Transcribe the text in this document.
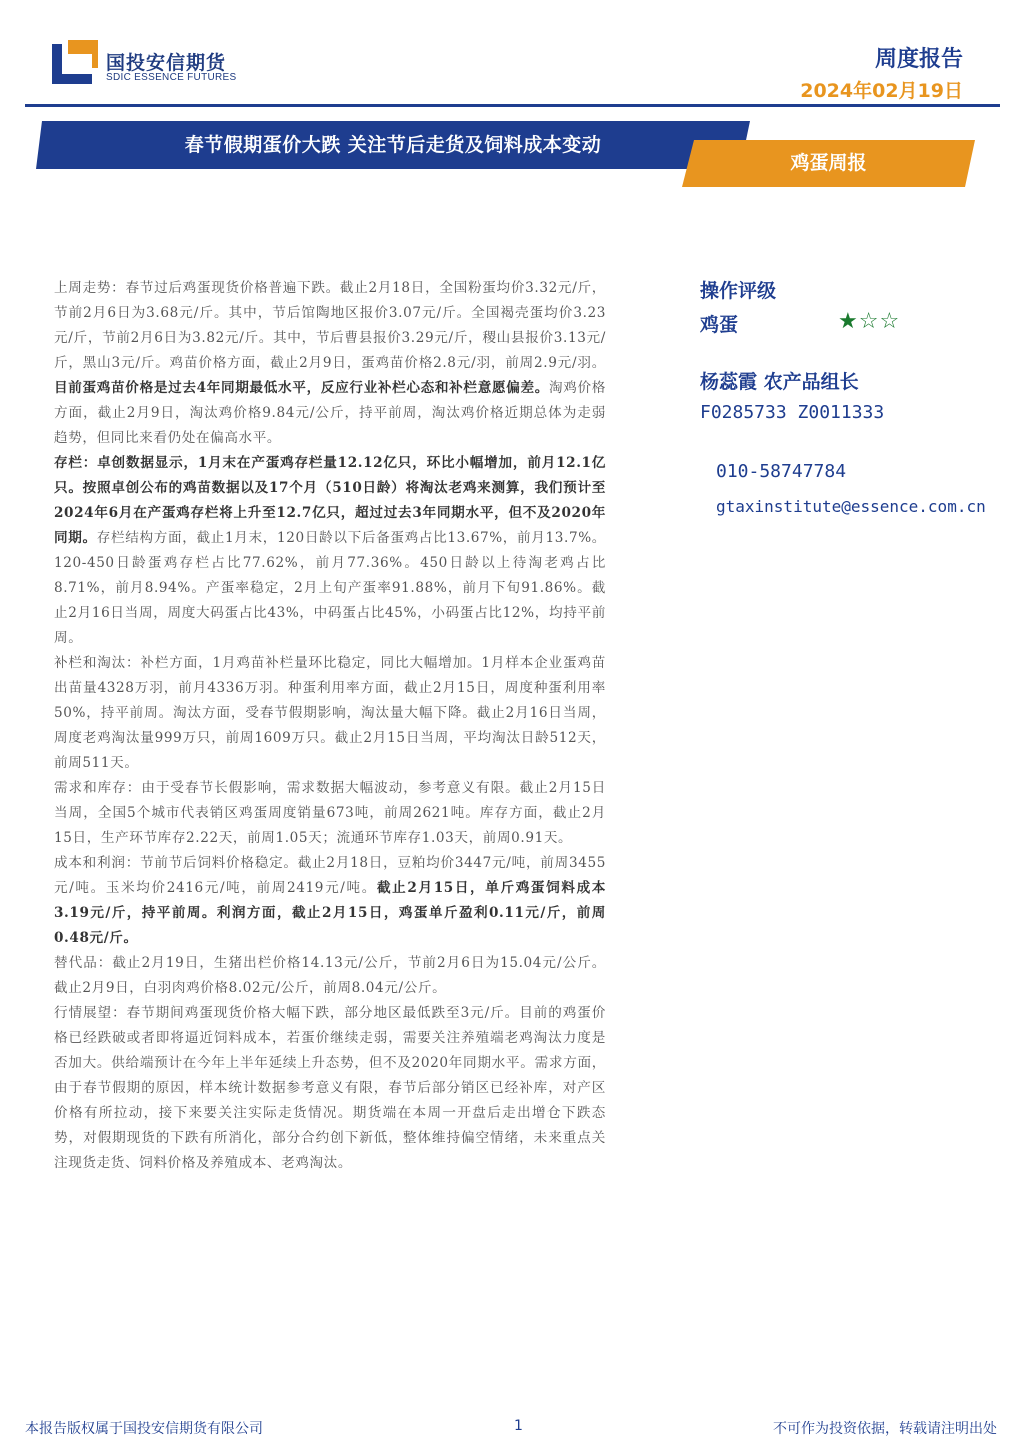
国投安信期货
SDIC ESSENCE FUTURES
周度报告
2024年02月19日
春节假期蛋价大跌 关注节后走货及饲料成本变动
鸡蛋周报

上周走势：春节过后鸡蛋现货价格普遍下跌。截止2月18日，全国粉蛋均价3.32元/斤，节前2月6日为3.68元/斤。其中，节后馆陶地区报价3.07元/斤。全国褐壳蛋均价3.23元/斤，节前2月6日为3.82元/斤。其中，节后曹县报价3.29元/斤，稷山县报价3.13元/斤，黑山3元/斤。鸡苗价格方面，截止2月9日，蛋鸡苗价格2.8元/羽，前周2.9元/羽。目前蛋鸡苗价格是过去4年同期最低水平，反应行业补栏心态和补栏意愿偏差。淘鸡价格方面，截止2月9日，淘汰鸡价格9.84元/公斤，持平前周，淘汰鸡价格近期总体为走弱趋势，但同比来看仍处在偏高水平。

存栏：卓创数据显示，1月末在产蛋鸡存栏量12.12亿只，环比小幅增加，前月12.1亿只。按照卓创公布的鸡苗数据以及17个月（510日龄）将淘汰老鸡来测算，我们预计至2024年6月在产蛋鸡存栏将上升至12.7亿只，超过过去3年同期水平，但不及2020年同期。存栏结构方面，截止1月末，120日龄以下后备蛋鸡占比13.67%，前月13.7%。120-450日龄蛋鸡存栏占比77.62%，前月77.36%。450日龄以上待淘老鸡占比8.71%，前月8.94%。产蛋率稳定，2月上旬产蛋率91.88%，前月下旬91.86%。截止2月16日当周，周度大码蛋占比43%，中码蛋占比45%，小码蛋占比12%，均持平前周。

补栏和淘汰：补栏方面，1月鸡苗补栏量环比稳定，同比大幅增加。1月样本企业蛋鸡苗出苗量4328万羽，前月4336万羽。种蛋利用率方面，截止2月15日，周度种蛋利用率50%，持平前周。淘汰方面，受春节假期影响，淘汰量大幅下降。截止2月16日当周，周度老鸡淘汰量999万只，前周1609万只。截止2月15日当周，平均淘汰日龄512天，前周511天。

需求和库存：由于受春节长假影响，需求数据大幅波动，参考意义有限。截止2月15日当周，全国5个城市代表销区鸡蛋周度销量673吨，前周2621吨。库存方面，截止2月15日，生产环节库存2.22天，前周1.05天；流通环节库存1.03天，前周0.91天。

成本和利润：节前节后饲料价格稳定。截止2月18日，豆粕均价3447元/吨，前周3455元/吨。玉米均价2416元/吨，前周2419元/吨。截止2月15日，单斤鸡蛋饲料成本3.19元/斤，持平前周。利润方面，截止2月15日，鸡蛋单斤盈利0.11元/斤，前周0.48元/斤。

替代品：截止2月19日，生猪出栏价格14.13元/公斤，节前2月6日为15.04元/公斤。截止2月9日，白羽肉鸡价格8.02元/公斤，前周8.04元/公斤。

行情展望：春节期间鸡蛋现货价格大幅下跌，部分地区最低跌至3元/斤。目前的鸡蛋价格已经跌破或者即将逼近饲料成本，若蛋价继续走弱，需要关注养殖端老鸡淘汰力度是否加大。供给端预计在今年上半年延续上升态势，但不及2020年同期水平。需求方面，由于春节假期的原因，样本统计数据参考意义有限，春节后部分销区已经补库，对产区价格有所拉动，接下来要关注实际走货情况。期货端在本周一开盘后走出增仓下跌态势，对假期现货的下跌有所消化，部分合约创下新低，整体维持偏空情绪，未来重点关注现货走货、饲料价格及养殖成本、老鸡淘汰。

操作评级
鸡蛋	★☆☆
杨蕊霞 农产品组长
F0285733 Z0011333
010-58747784
gtaxinstitute@essence.com.cn
本报告版权属于国投安信期货有限公司	1	不可作为投资依据，转载请注明出处
